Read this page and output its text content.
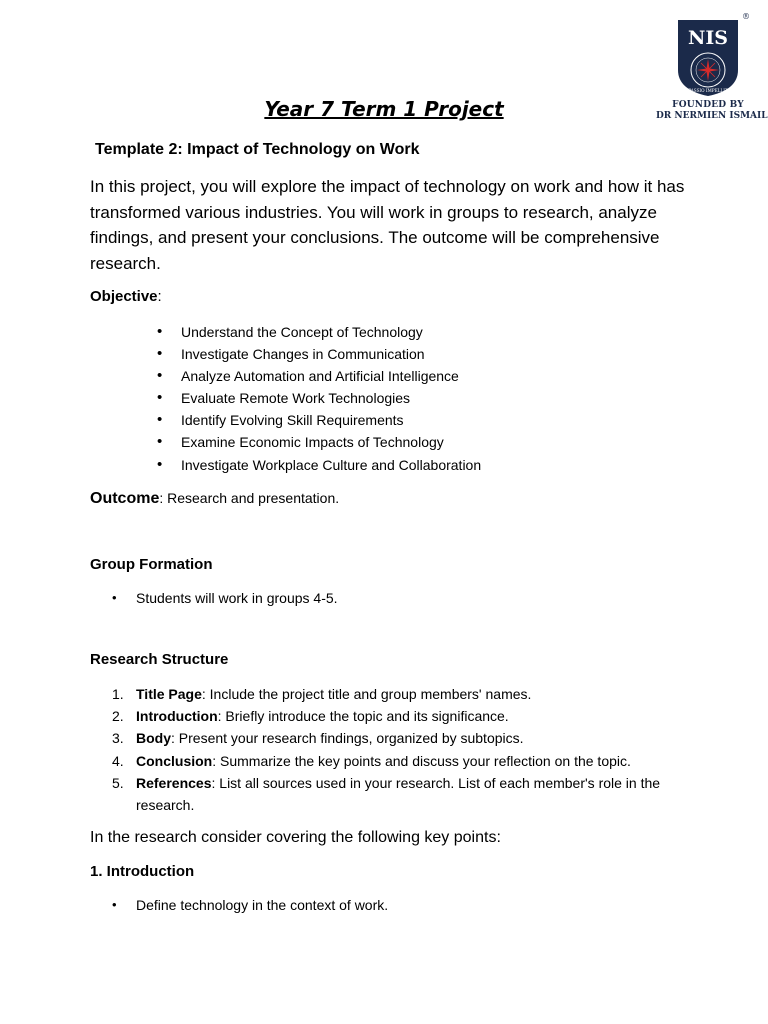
®
NIS
PASSIO IMPELLIT
FOUNDED BY
DR NERMIEN ISMAIL
Year 7 Term 1 Project
Template 2: Impact of Technology on Work
In this project, you will explore the impact of technology on work and how it has transformed various industries. You will work in groups to research, analyze findings, and present your conclusions. The outcome will be comprehensive research.
Objective:
• Understand the Concept of Technology
• Investigate Changes in Communication
• Analyze Automation and Artificial Intelligence
• Evaluate Remote Work Technologies
• Identify Evolving Skill Requirements
• Examine Economic Impacts of Technology
• Investigate Workplace Culture and Collaboration
Outcome: Research and presentation.
Group Formation
• Students will work in groups 4-5.
Research Structure
1. Title Page: Include the project title and group members' names.
2. Introduction: Briefly introduce the topic and its significance.
3. Body: Present your research findings, organized by subtopics.
4. Conclusion: Summarize the key points and discuss your reflection on the topic.
5. References: List all sources used in your research. List of each member's role in the research.
In the research consider covering the following key points:
1. Introduction
• Define technology in the context of work.
